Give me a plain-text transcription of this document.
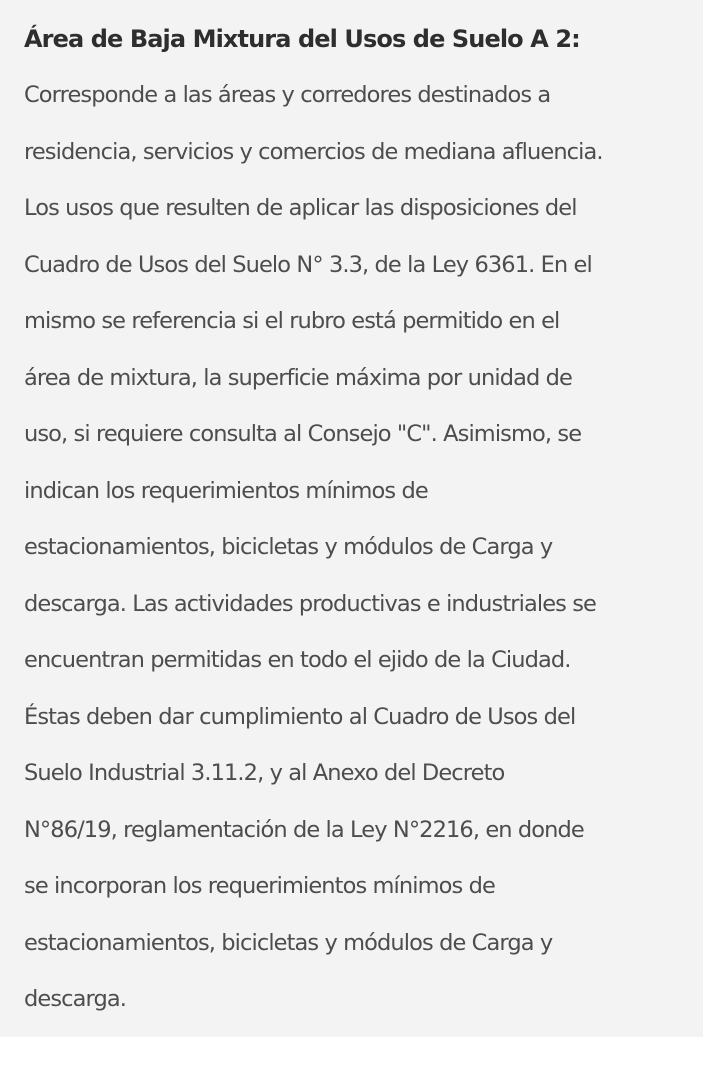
Área de Baja Mixtura del Usos de Suelo A 2:
Corresponde a las áreas y corredores destinados a
residencia, servicios y comercios de mediana afluencia.
Los usos que resulten de aplicar las disposiciones del
Cuadro de Usos del Suelo N° 3.3, de la Ley 6361. En el
mismo se referencia si el rubro está permitido en el
área de mixtura, la superficie máxima por unidad de
uso, si requiere consulta al Consejo "C". Asimismo, se
indican los requerimientos mínimos de
estacionamientos, bicicletas y módulos de Carga y
descarga. Las actividades productivas e industriales se
encuentran permitidas en todo el ejido de la Ciudad.
Éstas deben dar cumplimiento al Cuadro de Usos del
Suelo Industrial 3.11.2, y al Anexo del Decreto
N°86/19, reglamentación de la Ley N°2216, en donde
se incorporan los requerimientos mínimos de
estacionamientos, bicicletas y módulos de Carga y
descarga.
